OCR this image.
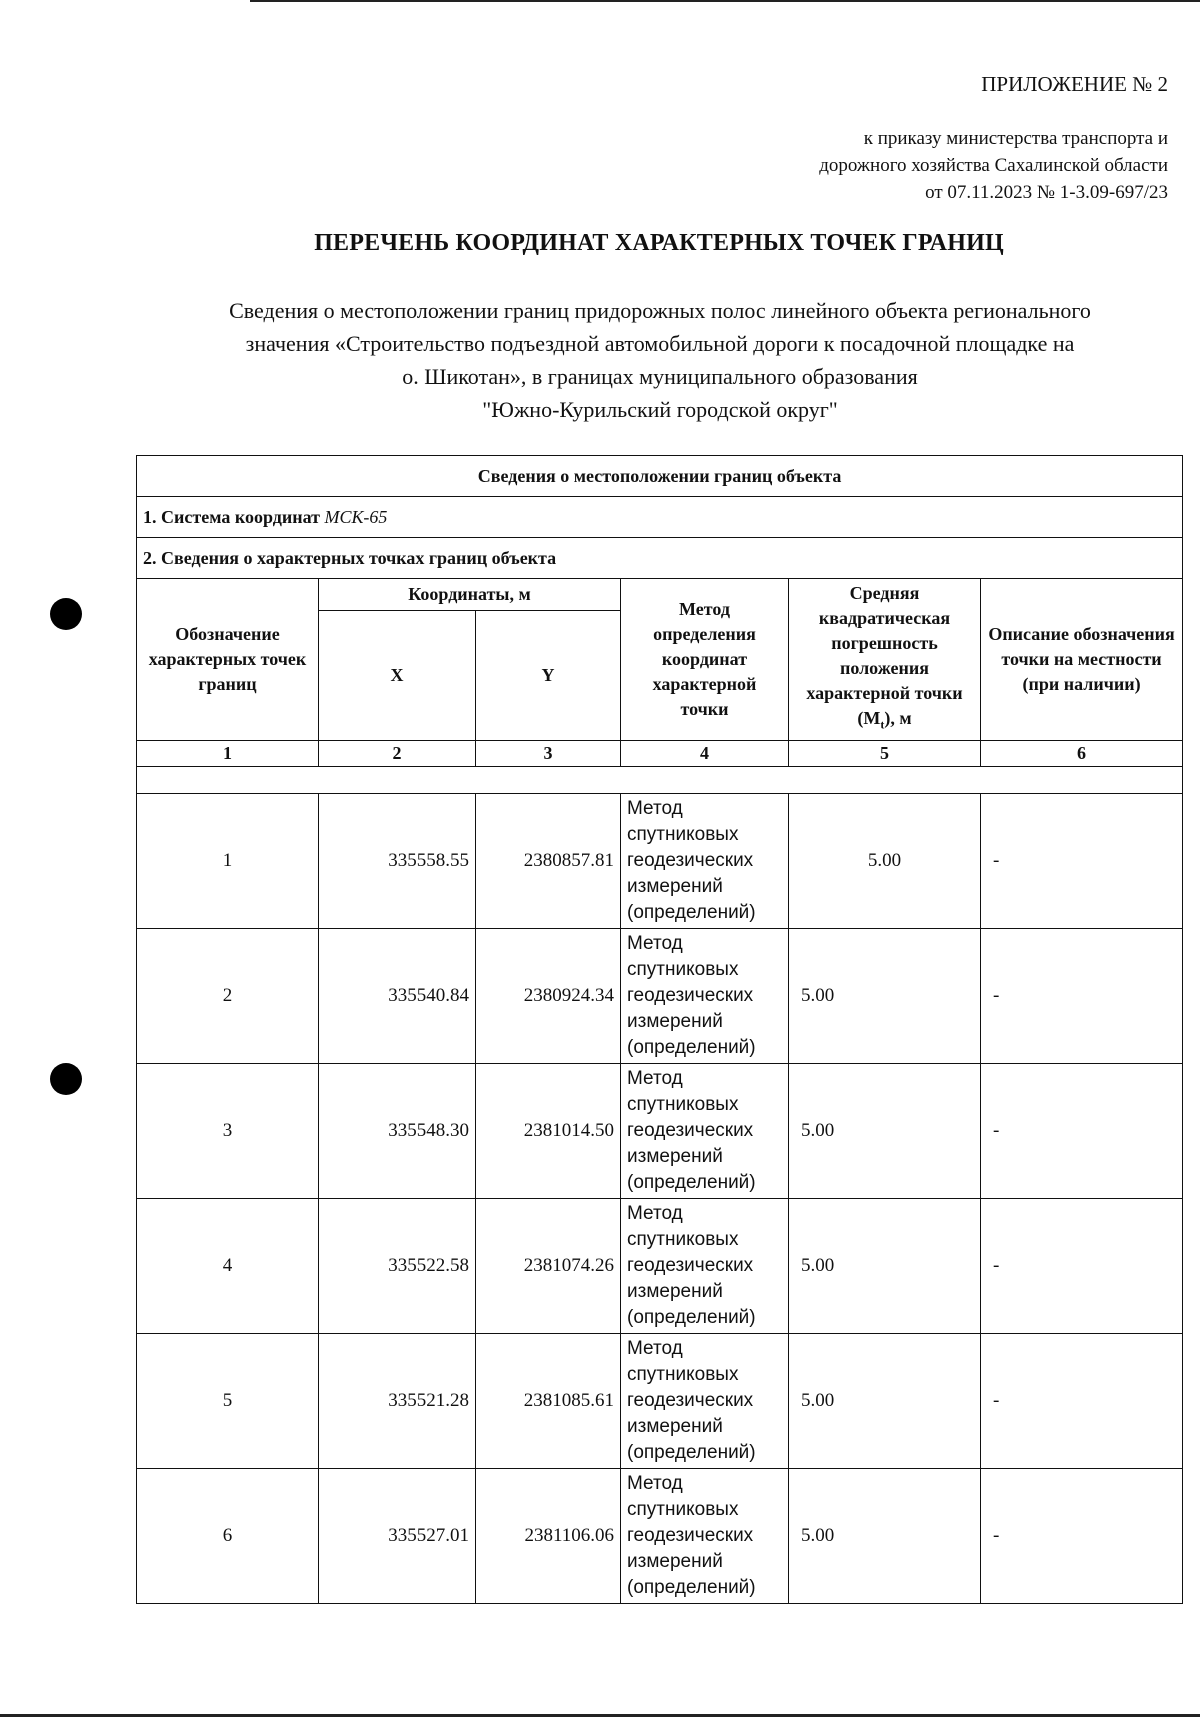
ПРИЛОЖЕНИЕ № 2
к приказу министерства транспорта и
дорожного хозяйства Сахалинской области
от 07.11.2023 № 1-3.09-697/23
ПЕРЕЧЕНЬ КООРДИНАТ ХАРАКТЕРНЫХ ТОЧЕК ГРАНИЦ
Сведения о местоположении границ придорожных полос линейного объекта регионального
значения «Строительство подъездной автомобильной дороги к посадочной площадке на
о. Шикотан», в границах муниципального образования
"Южно-Курильский городской округ"
Сведения о местоположении границ объекта					
1. Система координат МСК-65					
2. Сведения о характерных точках границ объекта					
Обозначение характерных точек границ	Координаты, м		Метод определения координат характерной точки	Средняя квадратическая погрешность положения характерной точки $(M_t)$, м	Описание обозначения точки на местности (при наличии)
	X	Y			
1	2	3	4	5	6

1	335558.55	2380857.81	Метод спутниковых геодезических измерений (определений)	5.00	-
2	335540.84	2380924.34	Метод спутниковых геодезических измерений (определений)	5.00	-
3	335548.30	2381014.50	Метод спутниковых геодезических измерений (определений)	5.00	-
4	335522.58	2381074.26	Метод спутниковых геодезических измерений (определений)	5.00	-
5	335521.28	2381085.61	Метод спутниковых геодезических измерений (определений)	5.00	-
6	335527.01	2381106.06	Метод спутниковых геодезических измерений (определений)	5.00	-
